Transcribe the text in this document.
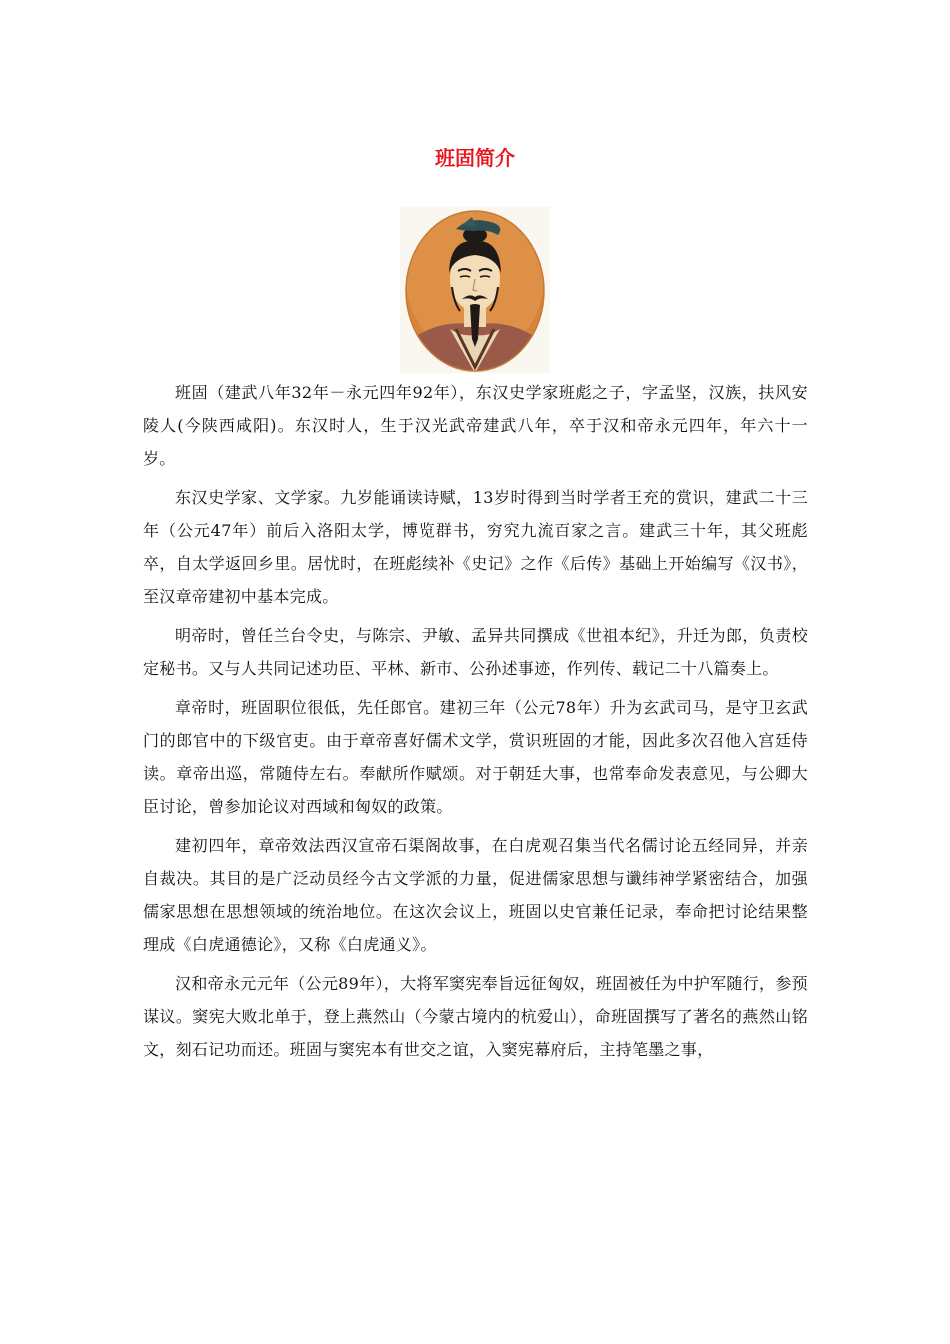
班固简介

班固（建武八年32年－永元四年92年），东汉史学家班彪之子，字孟坚，汉族，扶风安陵人(今陕西咸阳)。东汉时人，生于汉光武帝建武八年，卒于汉和帝永元四年，年六十一岁。

东汉史学家、文学家。九岁能诵读诗赋，13岁时得到当时学者王充的赏识，建武二十三年（公元47年）前后入洛阳太学，博览群书，穷究九流百家之言。建武三十年，其父班彪卒，自太学返回乡里。居忧时，在班彪续补《史记》之作《后传》基础上开始编写《汉书》，至汉章帝建初中基本完成。

明帝时，曾任兰台令史，与陈宗、尹敏、孟异共同撰成《世祖本纪》，升迁为郎，负责校定秘书。又与人共同记述功臣、平林、新市、公孙述事迹，作列传、载记二十八篇奏上。

章帝时，班固职位很低，先任郎官。建初三年（公元78年）升为玄武司马，是守卫玄武门的郎官中的下级官吏。由于章帝喜好儒术文学，赏识班固的才能，因此多次召他入宫廷侍读。章帝出巡，常随侍左右。奉献所作赋颂。对于朝廷大事，也常奉命发表意见，与公卿大臣讨论，曾参加论议对西域和匈奴的政策。

建初四年，章帝效法西汉宣帝石渠阁故事，在白虎观召集当代名儒讨论五经同异，并亲自裁决。其目的是广泛动员经今古文学派的力量，促进儒家思想与谶纬神学紧密结合，加强儒家思想在思想领域的统治地位。在这次会议上，班固以史官兼任记录，奉命把讨论结果整理成《白虎通德论》，又称《白虎通义》。

汉和帝永元元年（公元89年），大将军窦宪奉旨远征匈奴，班固被任为中护军随行，参预谋议。窦宪大败北单于，登上燕然山（今蒙古境内的杭爱山），命班固撰写了著名的燕然山铭文，刻石记功而还。班固与窦宪本有世交之谊，入窦宪幕府后，主持笔墨之事，
